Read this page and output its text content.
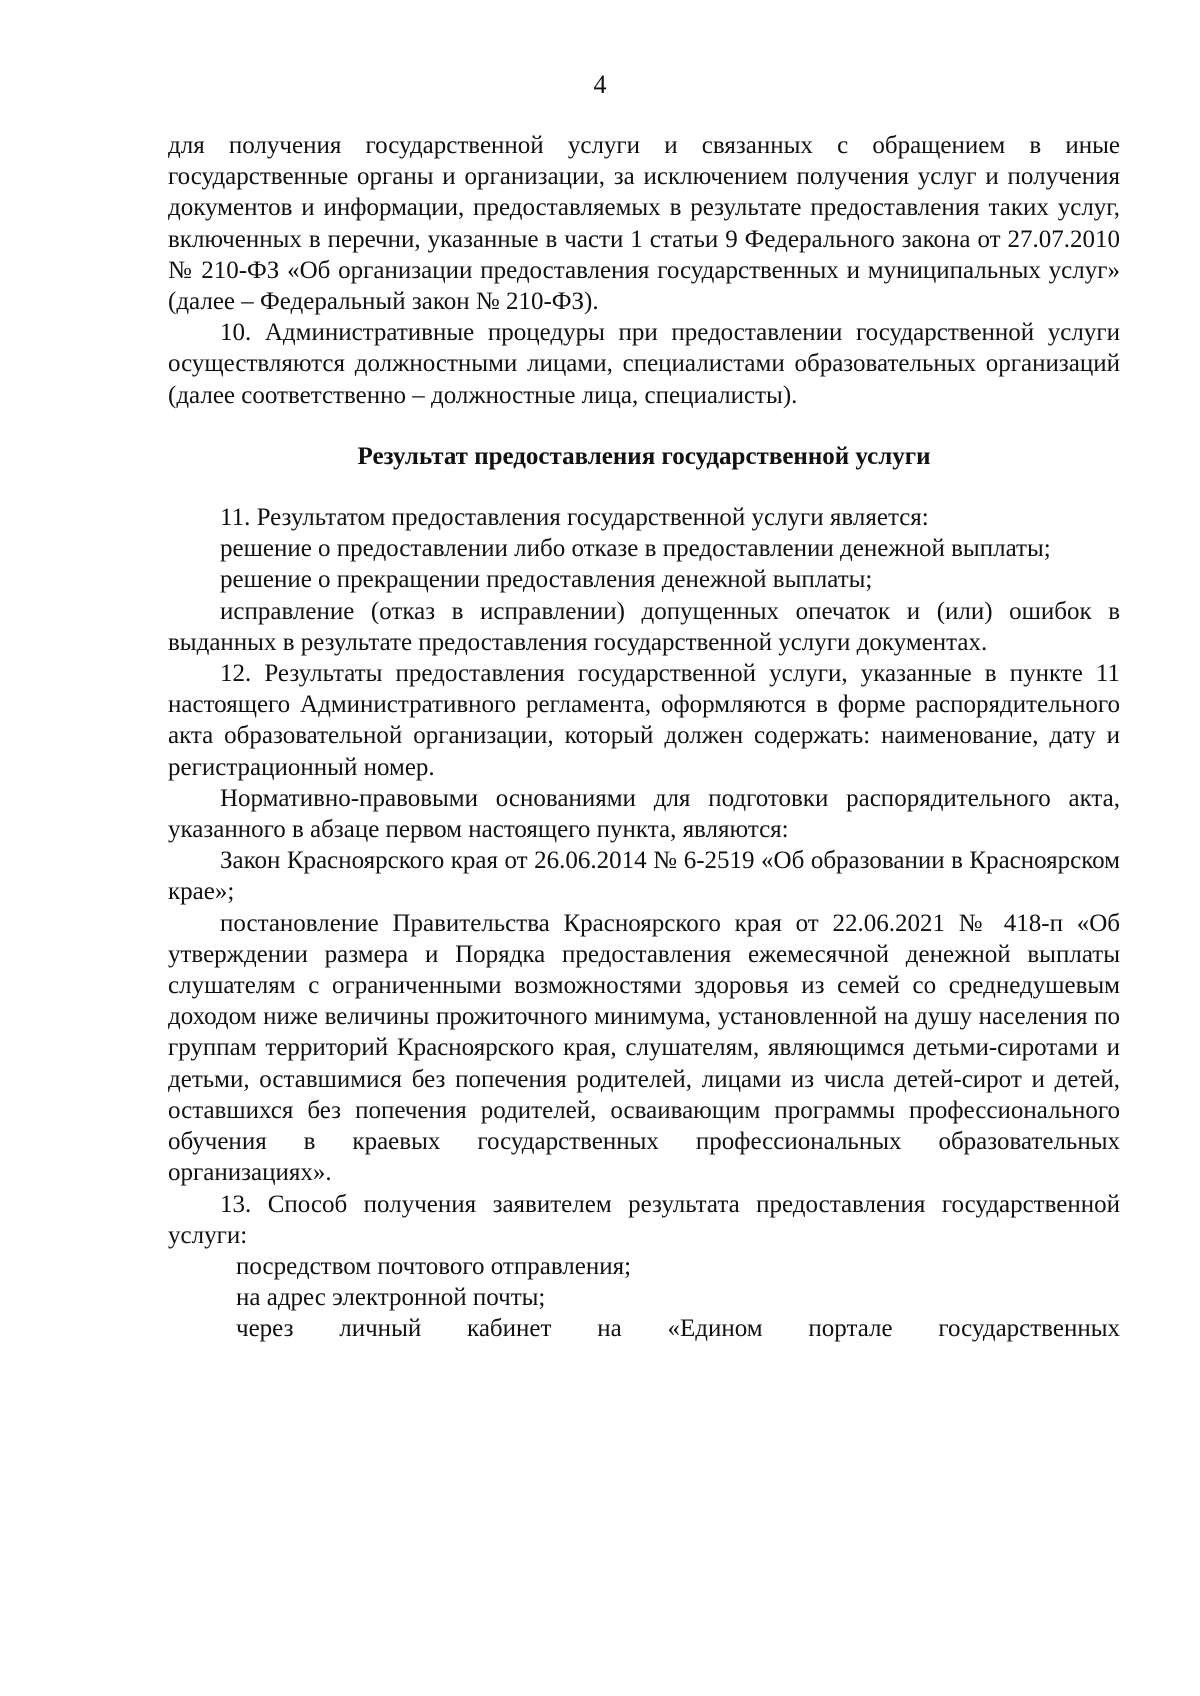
4

для получения государственной услуги и связанных с обращением в иные государственные органы и организации, за исключением получения услуг и получения документов и информации, предоставляемых в результате предоставления таких услуг, включенных в перечни, указанные в части 1 статьи 9 Федерального закона от 27.07.2010 № 210-ФЗ «Об организации предоставления государственных и муниципальных услуг» (далее – Федеральный закон № 210-ФЗ).

10. Административные процедуры при предоставлении государственной услуги осуществляются должностными лицами, специалистами образовательных организаций (далее соответственно – должностные лица, специалисты).

Результат предоставления государственной услуги

11. Результатом предоставления государственной услуги является:

решение о предоставлении либо отказе в предоставлении денежной выплаты;

решение о прекращении предоставления денежной выплаты;

исправление (отказ в исправлении) допущенных опечаток и (или) ошибок в выданных в результате предоставления государственной услуги документах.

12. Результаты предоставления государственной услуги, указанные в пункте 11 настоящего Административного регламента, оформляются в форме распорядительного акта образовательной организации, который должен содержать: наименование, дату и регистрационный номер.

Нормативно-правовыми основаниями для подготовки распорядительного акта, указанного в абзаце первом настоящего пункта, являются:

Закон Красноярского края от 26.06.2014 № 6-2519 «Об образовании в Красноярском крае»;

постановление Правительства Красноярского края от 22.06.2021 № 418-п «Об утверждении размера и Порядка предоставления ежемесячной денежной выплаты слушателям с ограниченными возможностями здоровья из семей со среднедушевым доходом ниже величины прожиточного минимума, установленной на душу населения по группам территорий Красноярского края, слушателям, являющимся детьми-сиротами и детьми, оставшимися без попечения родителей, лицами из числа детей-сирот и детей, оставшихся без попечения родителей, осваивающим программы профессионального обучения в краевых государственных профессиональных образовательных организациях».

13. Способ получения заявителем результата предоставления государственной услуги:

посредством почтового отправления;

на адрес электронной почты;

через личный кабинет на «Едином портале государственных
